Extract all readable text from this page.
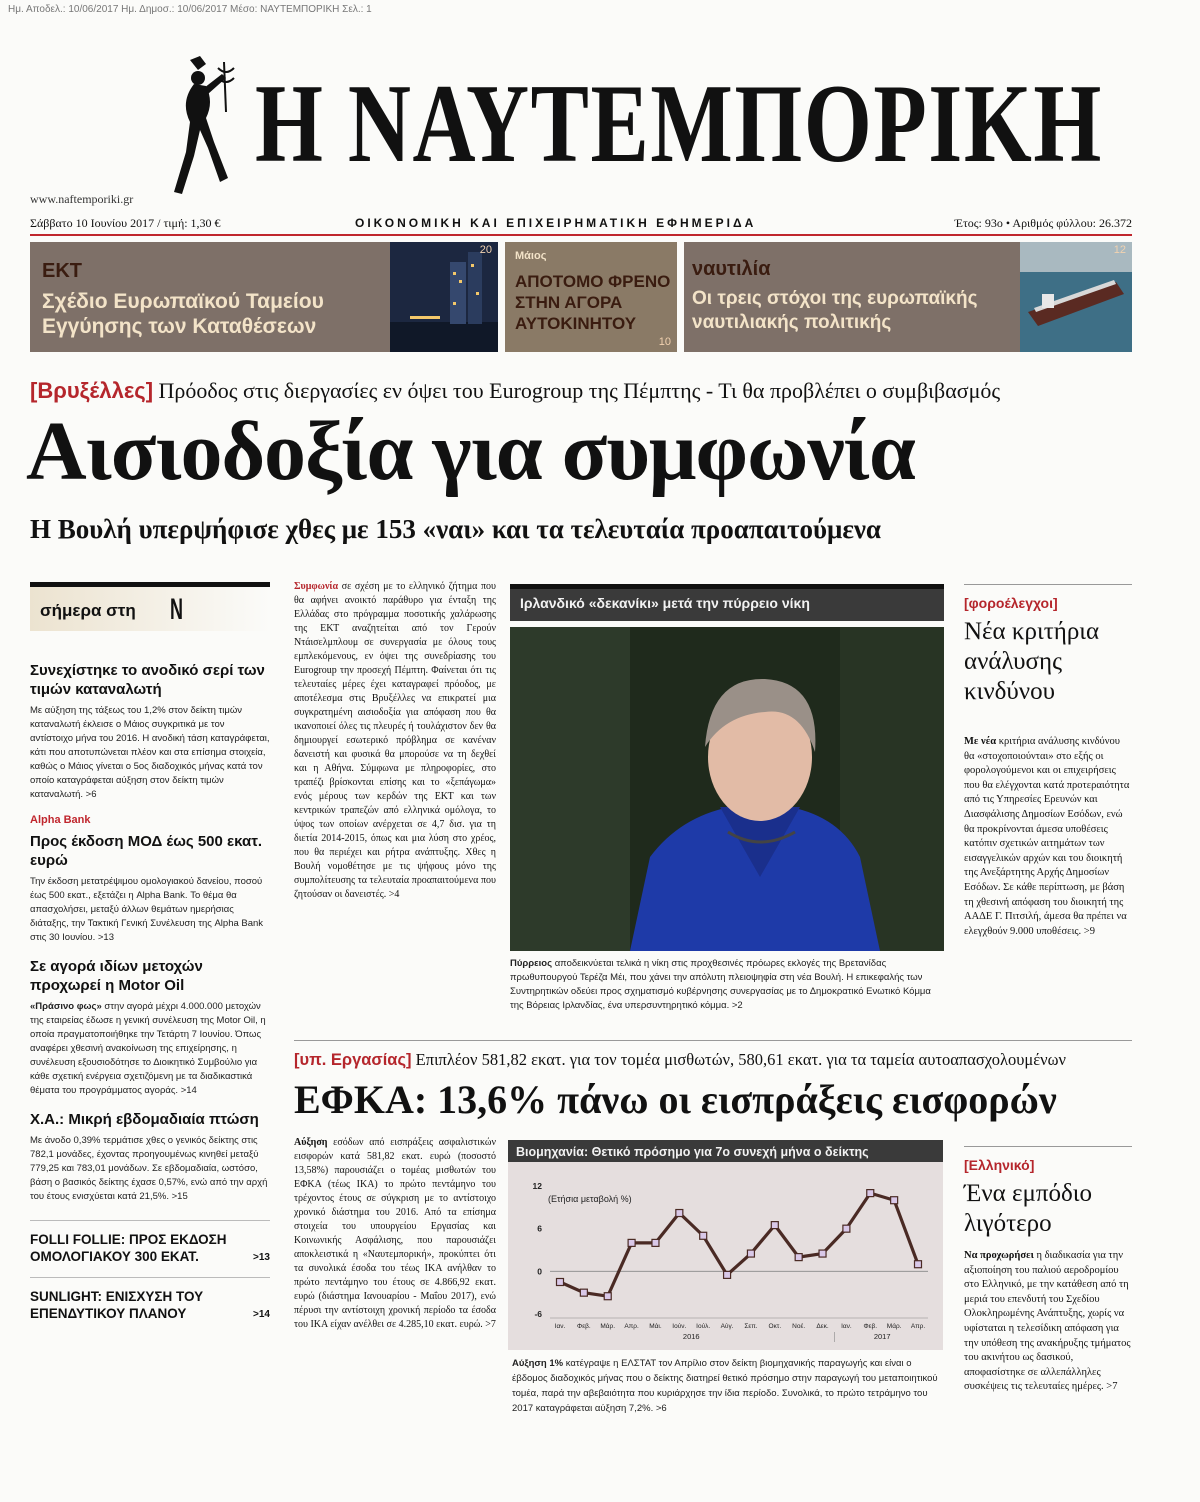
Ημ. Αποδελ.: 10/06/2017 Ημ. Δημοσ.: 10/06/2017 Μέσο: ΝΑΥΤΕΜΠΟΡΙΚΗ Σελ.: 1
Η ΝΑΥΤΕΜΠΟΡΙΚΗ
www.naftemporiki.gr
Σάββατο 10 Ιουνίου 2017 / τιμή: 1,30 €	ΟΙΚΟΝΟΜΙΚΗ ΚΑΙ ΕΠΙΧΕΙΡΗΜΑΤΙΚΗ ΕΦΗΜΕΡΙΔΑ	Έτος: 93ο • Αριθμός φύλλου: 26.372
ΕΚΤ
Σχέδιο Ευρωπαϊκού Ταμείου
Εγγύησης των Καταθέσεων
20 Μάιος
ΑΠΟΤΟΜΟ ΦΡΕΝΟ
ΣΤΗΝ ΑΓΟΡΑ
ΑΥΤΟΚΙΝΗΤΟΥ
10
ναυτιλία
Οι τρεις στόχοι της ευρωπαϊκής
ναυτιλιακής πολιτικής
12
[Βρυξέλλες] Πρόοδος στις διεργασίες εν όψει του Eurogroup της Πέμπτης - Τι θα προβλέπει ο συμβιβασμός
Αισιοδοξία για συμφωνία
Η Βουλή υπερψήφισε χθες με 153 «ναι» και τα τελευταία προαπαιτούμενα
σήμερα στη N
Συνεχίστηκε το ανοδικό σερί των τιμών καταναλωτή
Με αύξηση της τάξεως του 1,2% στον δείκτη τιμών καταναλωτή έκλεισε ο Μάιος συγκριτικά με τον αντίστοιχο μήνα του 2016. Η ανοδική τάση καταγράφεται, κάτι που αποτυπώνεται πλέον και στα επίσημα στοιχεία, καθώς ο Μάιος γίνεται ο 5ος διαδοχικός μήνας κατά τον οποίο καταγράφεται αύξηση στον δείκτη τιμών καταναλωτή. >6
Alpha Bank
Προς έκδοση ΜΟΔ έως 500 εκατ. ευρώ
Την έκδοση μετατρέψιμου ομολογιακού δανείου, ποσού έως 500 εκατ., εξετάζει η Alpha Bank. Το θέμα θα απασχολήσει, μεταξύ άλλων θεμάτων ημερήσιας διάταξης, την Τακτική Γενική Συνέλευση της Alpha Bank στις 30 Ιουνίου. >13
Σε αγορά ιδίων μετοχών προχωρεί η Motor Oil
«Πράσινο φως» στην αγορά μέχρι 4.000.000 μετοχών της εταιρείας έδωσε η γενική συνέλευση της Motor Oil, η οποία πραγματοποιήθηκε την Τετάρτη 7 Ιουνίου. Όπως αναφέρει χθεσινή ανακοίνωση της επιχείρησης, η συνέλευση εξουσιοδότησε το Διοικητικό Συμβούλιο για κάθε σχετική ενέργεια σχετιζόμενη με τα διαδικαστικά θέματα του προγράμματος αγοράς. >14
Χ.Α.: Μικρή εβδομαδιαία πτώση
Με άνοδο 0,39% τερμάτισε χθες ο γενικός δείκτης στις 782,1 μονάδες, έχοντας προηγουμένως κινηθεί μεταξύ 779,25 και 783,01 μονάδων. Σε εβδομαδιαία, ωστόσο, βάση ο βασικός δείκτης έχασε 0,57%, ενώ από την αρχή του έτους ενισχύεται κατά 21,5%. >15
FOLLI FOLLIE: ΠΡΟΣ ΕΚΔΟΣΗ ΟΜΟΛΟΓΙΑΚΟΥ 300 ΕΚΑΤ.	>13
SUNLIGHT: ΕΝΙΣΧΥΣΗ ΤΟΥ ΕΠΕΝΔΥΤΙΚΟΥ ΠΛΑΝΟΥ	>14
Συμφωνία σε σχέση με το ελληνικό ζήτημα που θα αφήνει ανοικτό παράθυρο για ένταξη της Ελλάδας στο πρόγραμμα ποσοτικής χαλάρωσης της ΕΚΤ αναζητείται από τον Γερούν Ντάισελμπλουμ σε συνεργασία με όλους τους εμπλεκόμενους, εν όψει της συνεδρίασης του Eurogroup την προσεχή Πέμπτη. Φαίνεται ότι τις τελευταίες μέρες έχει καταγραφεί πρόοδος, με αποτέλεσμα στις Βρυξέλλες να επικρατεί μια συγκρατημένη αισιοδοξία για απόφαση που θα ικανοποιεί όλες τις πλευρές ή τουλάχιστον δεν θα δημιουργεί εσωτερικό πρόβλημα σε κανέναν δανειστή και φυσικά θα μπορούσε να τη δεχθεί και η Αθήνα. Σύμφωνα με πληροφορίες, στο τραπέζι βρίσκονται επίσης και το «ξεπάγωμα» ενός μέρους των κερδών της ΕΚΤ και των κεντρικών τραπεζών από ελληνικά ομόλογα, το ύψος των οποίων ανέρχεται σε 4,7 δισ. για τη διετία 2014-2015, όπως και μια λύση στο χρέος, που θα περιέχει και ρήτρα ανάπτυξης. Χθες η Βουλή νομοθέτησε με τις ψήφους μόνο της συμπολίτευσης τα τελευταία προαπαιτούμενα που ζητούσαν οι δανειστές. >4
Ιρλανδικό «δεκανίκι» μετά την πύρρειο νίκη
Πύρρειος αποδεικνύεται τελικά η νίκη στις προχθεσινές πρόωρες εκλογές της Βρετανίδας πρωθυπουργού Τερέζα Μέι, που χάνει την απόλυτη πλειοψηφία στη νέα Βουλή. Η επικεφαλής των Συντηρητικών οδεύει προς σχηματισμό κυβέρνησης συνεργασίας με το Δημοκρατικό Ενωτικό Κόμμα της Βόρειας Ιρλανδίας, ένα υπερσυντηρητικό κόμμα. >2
[φοροέλεγχοι]
Νέα κριτήρια ανάλυσης κινδύνου
Με νέα κριτήρια ανάλυσης κινδύνου θα «στοχοποιούνται» στο εξής οι φορολογούμενοι και οι επιχειρήσεις που θα ελέγχονται κατά προτεραιότητα από τις Υπηρεσίες Ερευνών και Διασφάλισης Δημοσίων Εσόδων, ενώ θα προκρίνονται άμεσα υποθέσεις κατόπιν σχετικών αιτημάτων των εισαγγελικών αρχών και του διοικητή της Ανεξάρτητης Αρχής Δημοσίων Εσόδων. Σε κάθε περίπτωση, με βάση τη χθεσινή απόφαση του διοικητή της ΑΑΔΕ Γ. Πιτσιλή, άμεσα θα πρέπει να ελεγχθούν 9.000 υποθέσεις. >9
[υπ. Εργασίας] Επιπλέον 581,82 εκατ. για τον τομέα μισθωτών, 580,61 εκατ. για τα ταμεία αυτοαπασχολουμένων
ΕΦΚΑ: 13,6% πάνω οι εισπράξεις εισφορών
Αύξηση εσόδων από εισπράξεις ασφαλιστικών εισφορών κατά 581,82 εκατ. ευρώ (ποσοστό 13,58%) παρουσιάζει ο τομέας μισθωτών του ΕΦΚΑ (τέως ΙΚΑ) το πρώτο πεντάμηνο του τρέχοντος έτους σε σύγκριση με το αντίστοιχο χρονικό διάστημα του 2016. Από τα επίσημα στοιχεία του υπουργείου Εργασίας και Κοινωνικής Ασφάλισης, που παρουσιάζει αποκλειστικά η «Ναυτεμπορική», προκύπτει ότι τα συνολικά έσοδα του τέως ΙΚΑ ανήλθαν το πρώτο πεντάμηνο του έτους σε 4.866,92 εκατ. ευρώ (διάστημα Ιανουαρίου - Μαΐου 2017), ενώ πέρυσι την αντίστοιχη χρονική περίοδο τα έσοδα του ΙΚΑ είχαν ανέλθει σε 4.285,10 εκατ. ευρώ. >7
Βιομηχανία: Θετικό πρόσημο για 7ο συνεχή μήνα ο δείκτης
(Ετήσια μεταβολή %)
12
6
0
-6
Ιαν. Φεβ. Μάρ. Απρ. Μάι. Ιούν. Ιούλ. Αύγ. Σεπ. Οκτ. Νοέ. Δεκ. Ιαν. Φεβ. Μάρ. Απρ.
2016	2017
Αύξηση 1% κατέγραψε η ΕΛΣΤΑΤ τον Απρίλιο στον δείκτη βιομηχανικής παραγωγής και είναι ο έβδομος διαδοχικός μήνας που ο δείκτης διατηρεί θετικό πρόσημο στην παραγωγή του μεταποιητικού τομέα, παρά την αβεβαιότητα που κυριάρχησε την ίδια περίοδο. Συνολικά, το πρώτο τετράμηνο του 2017 καταγράφεται αύξηση 7,2%. >6
[Ελληνικό]
Ένα εμπόδιο λιγότερο
Να προχωρήσει η διαδικασία για την αξιοποίηση του παλιού αεροδρομίου στο Ελληνικό, με την κατάθεση από τη μεριά του επενδυτή του Σχεδίου Ολοκληρωμένης Ανάπτυξης, χωρίς να υφίσταται η τελεσίδικη απόφαση για την υπόθεση της ανακήρυξης τμήματος του ακινήτου ως δασικού, αποφασίστηκε σε αλλεπάλληλες συσκέψεις τις τελευταίες ημέρες. >7
